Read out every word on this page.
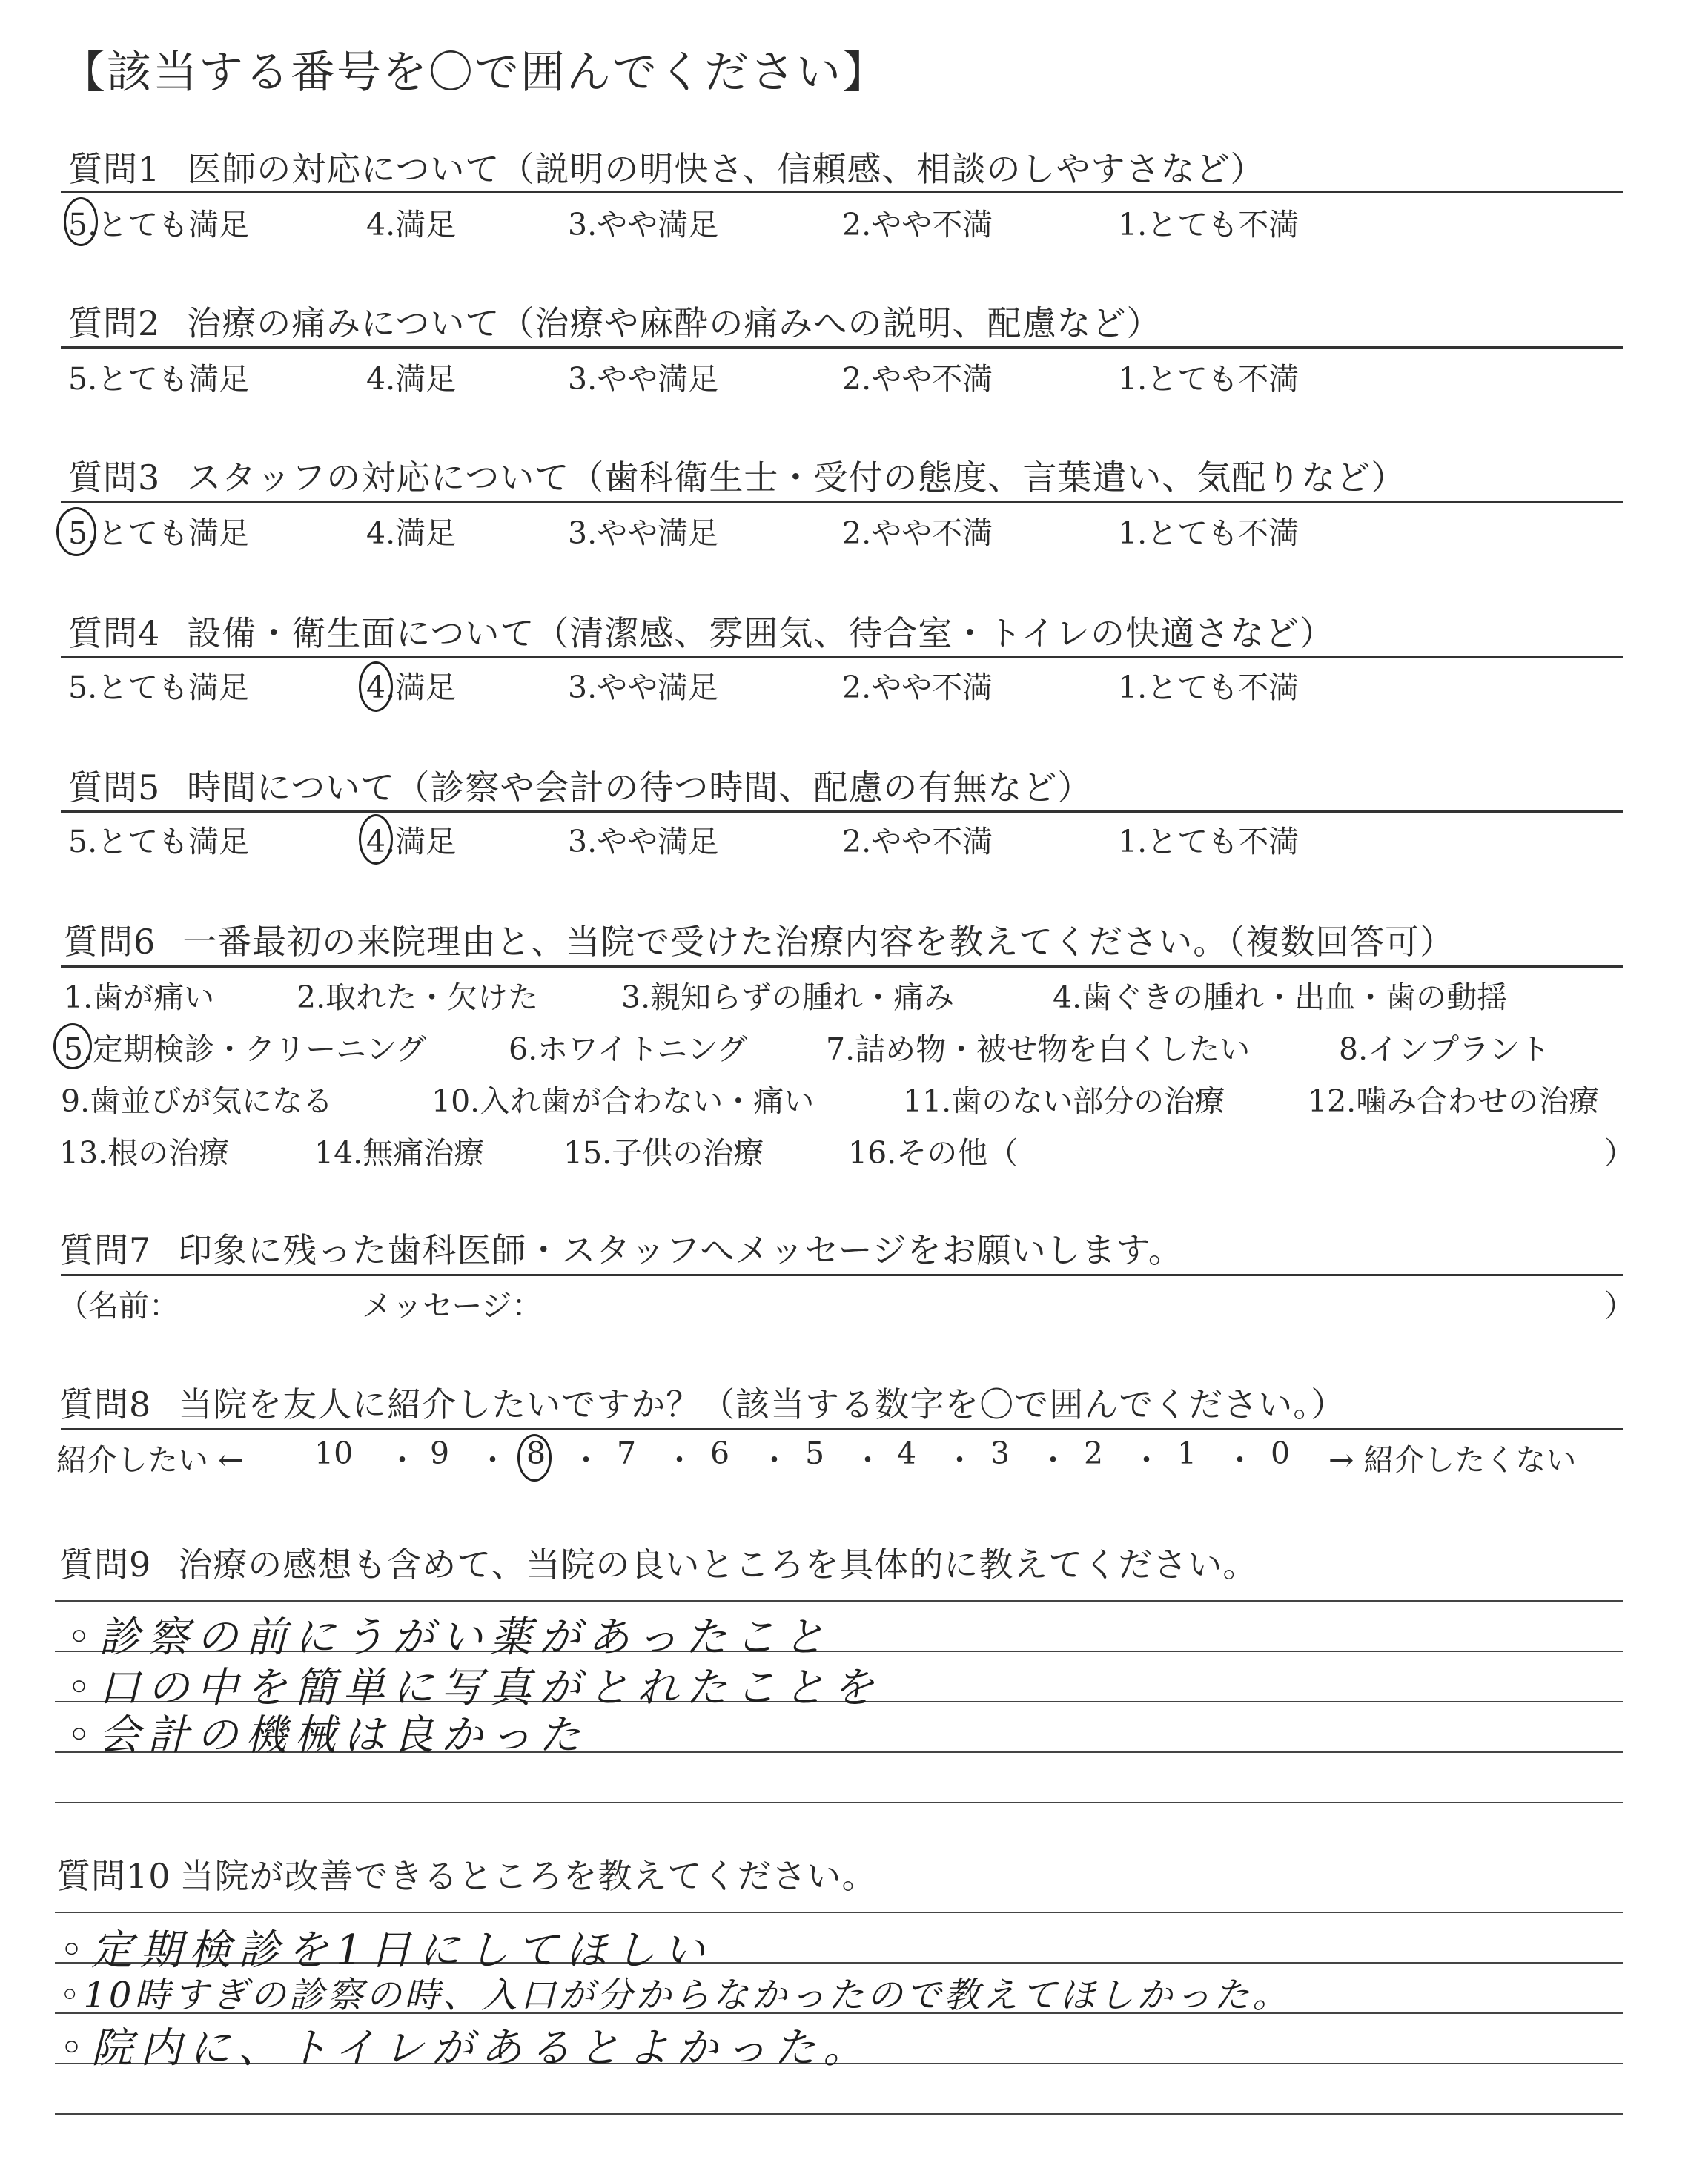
【該当する番号を〇で囲んでください】
質問1 医師の対応について（説明の明快さ、信頼感、相談のしやすさなど）
5.とても満足	4.満足	3.やや満足	2.やや不満	1.とても不満
質問2 治療の痛みについて（治療や麻酔の痛みへの説明、配慮など）
5.とても満足	4.満足	3.やや満足	2.やや不満	1.とても不満
質問3 スタッフの対応について（歯科衛生士・受付の態度、言葉遣い、気配りなど）
5.とても満足	4.満足	3.やや満足	2.やや不満	1.とても不満
質問4 設備・衛生面について（清潔感、雰囲気、待合室・トイレの快適さなど）
5.とても満足	4.満足	3.やや満足	2.やや不満	1.とても不満
質問5 時間について（診察や会計の待つ時間、配慮の有無など）
5.とても満足	4.満足	3.やや満足	2.やや不満	1.とても不満
質問6 一番最初の来院理由と、当院で受けた治療内容を教えてください。（複数回答可）
1.歯が痛い	2.取れた・欠けた	3.親知らずの腫れ・痛み	4.歯ぐきの腫れ・出血・歯の動揺
5.定期検診・クリーニング	6.ホワイトニング	7.詰め物・被せ物を白くしたい	8.インプラント
9.歯並びが気になる	10.入れ歯が合わない・痛い	11.歯のない部分の治療	12.噛み合わせの治療
13.根の治療	14.無痛治療	15.子供の治療	16.その他（	）
質問7 印象に残った歯科医師・スタッフへメッセージをお願いします。
（名前：	メッセージ：	）
質問8 当院を友人に紹介したいですか？（該当する数字を〇で囲んでください。）
紹介したい ← 10 ・ 9 ・ 8 ・ 7 ・ 6 ・ 5 ・ 4 ・ 3 ・ 2 ・ 1 ・ 0 → 紹介したくない
質問9 治療の感想も含めて、当院の良いところを具体的に教えてください。
◦診察の前にうがい薬があったこと
◦口の中を簡単に写真がとれたことを
◦会計の機械は良かった
質問10 当院が改善できるところを教えてください。
◦定期検診を1日にしてほしい
◦10時すぎの診察の時、入口が分からなかったので教えてほしかった。
◦院内に、トイレがあるとよかった。
